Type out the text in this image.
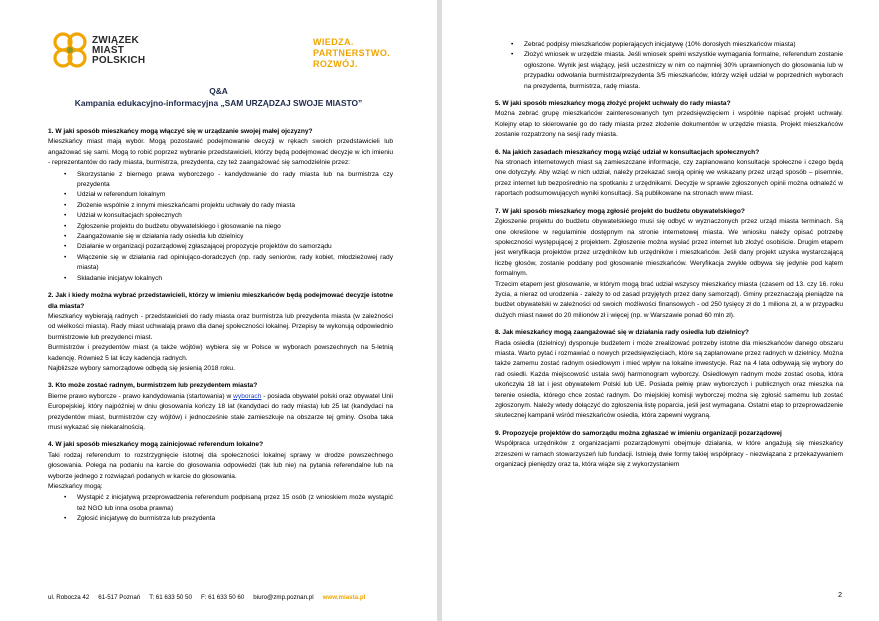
ZWIĄZEK
MIAST
POLSKICH
WIEDZA.
PARTNERSTWO.
ROZWÓJ.
Q&A
Kampania edukacyjno-informacyjna „SAM URZĄDZAJ SWOJE MIASTO”
1. W jaki sposób mieszkańcy mogą włączyć się w urządzanie swojej małej ojczyzny?

Mieszkańcy miast mają wybór. Mogą pozostawić podejmowanie decyzji w rękach swoich przedstawicieli lub angażować się sami. Mogą to robić poprzez wybranie przedstawicieli, którzy będą podejmować decyzje w ich imieniu - reprezentantów do rady miasta, burmistrza, prezydenta, czy też zaangażować się samodzielnie przez:

• Skorzystanie z biernego prawa wyborczego - kandydowanie do rady miasta lub na burmistrza czy prezydenta
• Udział w referendum lokalnym
• Złożenie wspólnie z innymi mieszkańcami projektu uchwały do rady miasta
• Udział w konsultacjach społecznych
• Zgłoszenie projektu do budżetu obywatelskiego i głosowanie na niego
• Zaangażowanie się w działania rady osiedla lub dzielnicy
• Działanie w organizacji pozarządowej zgłaszającej propozycje projektów do samorządu
• Włączenie się w działania rad opiniująco-doradczych (np. rady seniorów, rady kobiet, młodzieżowej rady miasta)
• Składanie inicjatyw lokalnych
2. Jak i kiedy można wybrać przedstawicieli, którzy w imieniu mieszkańców będą podejmować decyzje istotne dla miasta?

Mieszkańcy wybierają radnych - przedstawicieli do rady miasta oraz burmistrza lub prezydenta miasta (w zależności od wielkości miasta). Rady miast uchwalają prawo dla danej społeczności lokalnej. Przepisy te wykonują odpowiednio burmistrzowie lub prezydenci miast.

Burmistrzów i prezydentów miast (a także wójtów) wybiera się w Polsce w wyborach powszechnych na 5-letnią kadencję. Również 5 lat liczy kadencja radnych.

Najbliższe wybory samorządowe odbędą się jesienią 2018 roku.

3. Kto może zostać radnym, burmistrzem lub prezydentem miasta?

Bierne prawo wyborcze - prawo kandydowania (startowania) w wyborach - posiada obywatel polski oraz obywatel Unii Europejskiej, który najpóźniej w dniu głosowania kończy 18 lat (kandydaci do rady miasta) lub 25 lat (kandydaci na prezydentów miast, burmistrzów czy wójtów) i jednocześnie stale zamieszkuje na obszarze tej gminy. Osoba taka musi wykazać się niekaralnością.

4. W jaki sposób mieszkańcy mogą zainicjować referendum lokalne?

Taki rodzaj referendum to rozstrzygnięcie istotnej dla społeczności lokalnej sprawy w drodze powszechnego głosowania. Polega na podaniu na karcie do głosowania odpowiedzi (tak lub nie) na pytania referendalne lub na wyborze jednego z rozwiązań podanych w karcie do głosowania.

Mieszkańcy mogą:

• Wystąpić z inicjatywą przeprowadzenia referendum podpisaną przez 15 osób (z wnioskiem może wystąpić też NGO lub inna osoba prawna)
• Zgłosić inicjatywę do burmistrza lub prezydenta
ul. Robocza 42 61-517 Poznań T: 61 633 50 50 F: 61 633 50 60 biuro@zmp.poznan.pl www.miasta.pl
• Zebrać podpisy mieszkańców popierających inicjatywę (10% dorosłych mieszkańców miasta)
• Złożyć wniosek w urzędzie miasta. Jeśli wniosek spełni wszystkie wymagania formalne, referendum zostanie ogłoszone. Wynik jest wiążący, jeśli uczestniczy w nim co najmniej 30% uprawnionych do głosowania lub w przypadku odwołania burmistrza/prezydenta 3/5 mieszkańców, którzy wzięli udział w poprzednich wyborach na prezydenta, burmistrza, radę miasta.
5. W jaki sposób mieszkańcy mogą złożyć projekt uchwały do rady miasta?

Można zebrać grupę mieszkańców zainteresowanych tym przedsięwzięciem i wspólnie napisać projekt uchwały. Kolejny etap to skierowanie go do rady miasta przez złożenie dokumentów w urzędzie miasta. Projekt mieszkańców zostanie rozpatrzony na sesji rady miasta.

6. Na jakich zasadach mieszkańcy mogą wziąć udział w konsultacjach społecznych?

Na stronach internetowych miast są zamieszczane informacje, czy zaplanowano konsultacje społeczne i czego będą one dotyczyły. Aby wziąć w nich udział, należy przekazać swoją opinię we wskazany przez urząd sposób – pisemnie, przez internet lub bezpośrednio na spotkaniu z urzędnikami. Decyzje w sprawie zgłoszonych opinii można odnaleźć w raportach podsumowujących wyniki konsultacji. Są publikowane na stronach www miast.

7. W jaki sposób mieszkańcy mogą zgłosić projekt do budżetu obywatelskiego?

Zgłoszenie projektu do budżetu obywatelskiego musi się odbyć w wyznaczonych przez urząd miasta terminach. Są one określone w regulaminie dostępnym na stronie internetowej miasta. We wniosku należy opisać potrzebę społeczności występującej z projektem. Zgłoszenie można wysłać przez internet lub złożyć osobiście. Drugim etapem jest weryfikacja projektów przez urzędników lub urzędników i mieszkańców. Jeśli dany projekt uzyska wystarczającą liczbę głosów, zostanie poddany pod głosowanie mieszkańców. Weryfikacja zwykle odbywa się jedynie pod kątem formalnym.

Trzecim etapem jest głosowanie, w którym mogą brać udział wszyscy mieszkańcy miasta (czasem od 13. czy 16. roku życia, a nieraz od urodzenia - zależy to od zasad przyjętych przez dany samorząd). Gminy przeznaczają pieniądze na budżet obywatelski w zależności od swoich możliwości finansowych - od 250 tysięcy zł do 1 miliona zł, a w przypadku dużych miast nawet do 20 milionów zł i więcej (np. w Warszawie ponad 60 mln zł).

8. Jak mieszkańcy mogą zaangażować się w działania rady osiedla lub dzielnicy?

Rada osiedla (dzielnicy) dysponuje budżetem i może zrealizować potrzeby istotne dla mieszkańców danego obszaru miasta. Warto pytać i rozmawiać o nowych przedsięwzięciach, które są zaplanowane przez radnych w dzielnicy. Można także zamemu zostać radnym osiedlowym i mieć wpływ na lokalne inwestycje. Raz na 4 lata odbywają się wybory do rad osiedli. Każda miejscowość ustala swój harmonogram wyborczy. Osiedlowym radnym może zostać osoba, która ukończyła 18 lat i jest obywatelem Polski lub UE. Posiada pełnię praw wyborczych i publicznych oraz mieszka na terenie osiedla, którego chce zostać radnym. Do miejskiej komisji wyborczej można się zgłosić samemu lub zostać zgłoszonym. Należy wtedy dołączyć do zgłoszenia listę poparcia, jeśli jest wymagana. Ostatni etap to przeprowadzenie skutecznej kampanii wśród mieszkańców osiedla, która zapewni wygraną.

9. Propozycje projektów do samorządu można zgłaszać w imieniu organizacji pozarządowej

Współpraca urzędników z organizacjami pozarządowymi obejmuje działania, w które angażują się mieszkańcy zrzeszeni w ramach stowarzyszeń lub fundacji. Istnieją dwie formy takiej współpracy - niezwiązana z przekazywaniem organizacji pieniędzy oraz ta, która wiąże się z wykorzystaniem

2
